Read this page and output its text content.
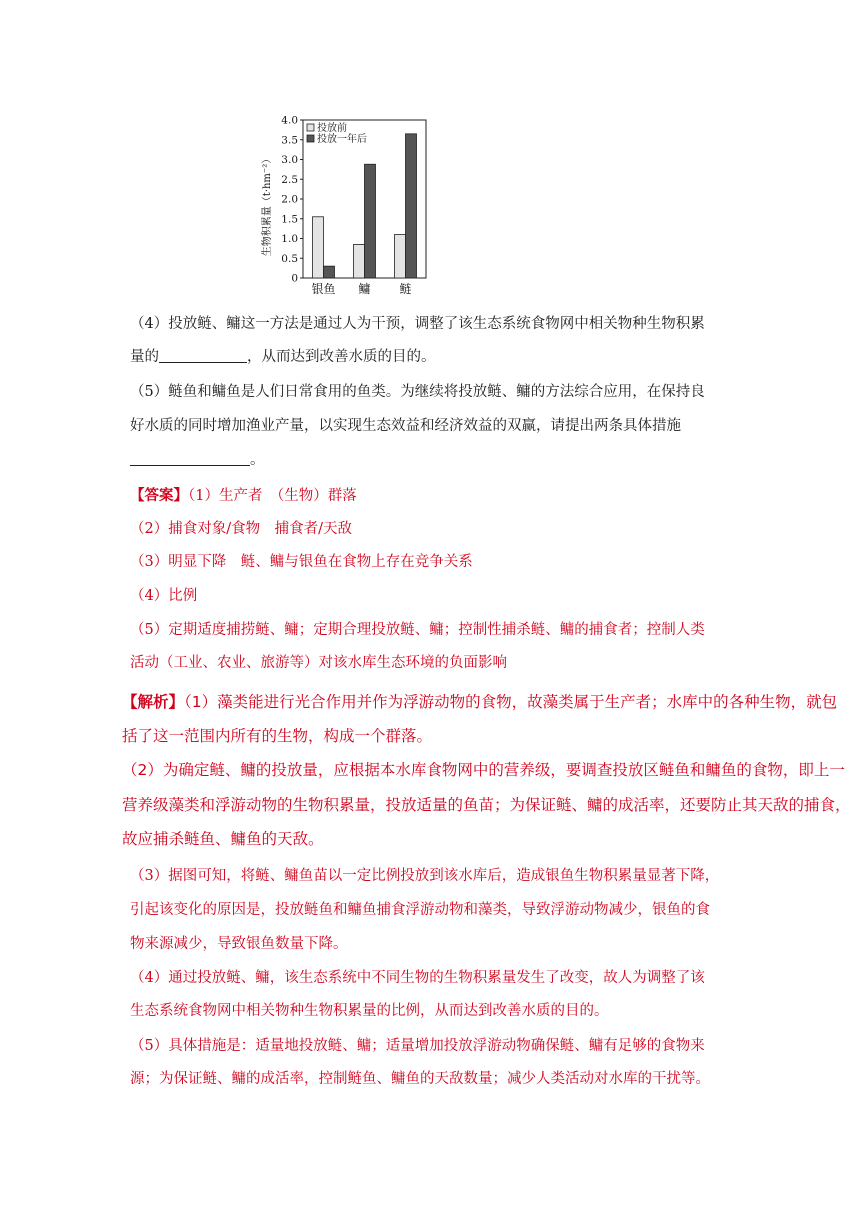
生物积累量（t·hm⁻²）
0
0.5
1.0
1.5
2.0
2.5
3.0
3.5
4.0
银鱼 鳙 鲢
投放前
投放一年后
（4）投放鲢、鳙这一方法是通过人为干预，调整了该生态系统食物网中相关物种生物积累
量的	，从而达到改善水质的目的。
（5）鲢鱼和鳙鱼是人们日常食用的鱼类。为继续将投放鲢、鳙的方法综合应用，在保持良
好水质的同时增加渔业产量，以实现生态效益和经济效益的双赢，请提出两条具体措施
。
【答案】（1）生产者　（生物）群落
（2）捕食对象/食物　捕食者/天敌
（3）明显下降　鲢、鳙与银鱼在食物上存在竞争关系
（4）比例
（5）定期适度捕捞鲢、鳙；定期合理投放鲢、鳙；控制性捕杀鲢、鳙的捕食者；控制人类
活动（工业、农业、旅游等）对该水库生态环境的负面影响
【解析】（1）藻类能进行光合作用并作为浮游动物的食物，故藻类属于生产者；水库中的各种生物，就包
括了这一范围内所有的生物，构成一个群落。
（2）为确定鲢、鳙的投放量，应根据本水库食物网中的营养级，要调查投放区鲢鱼和鳙鱼的食物，即上一
营养级藻类和浮游动物的生物积累量，投放适量的鱼苗；为保证鲢、鳙的成活率，还要防止其天敌的捕食，
故应捕杀鲢鱼、鳙鱼的天敌。
（3）据图可知，将鲢、鳙鱼苗以一定比例投放到该水库后，造成银鱼生物积累量显著下降，
引起该变化的原因是，投放鲢鱼和鳙鱼捕食浮游动物和藻类，导致浮游动物减少，银鱼的食
物来源减少，导致银鱼数量下降。
（4）通过投放鲢、鳙，该生态系统中不同生物的生物积累量发生了改变，故人为调整了该
生态系统食物网中相关物种生物积累量的比例，从而达到改善水质的目的。
（5）具体措施是：适量地投放鲢、鳙；适量增加投放浮游动物确保鲢、鳙有足够的食物来
源；为保证鲢、鳙的成活率，控制鲢鱼、鳙鱼的天敌数量；减少人类活动对水库的干扰等。
